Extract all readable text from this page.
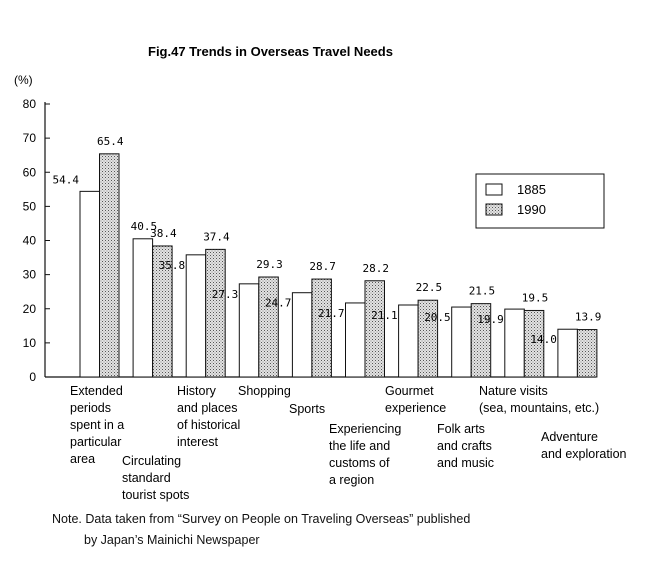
Fig.47 Trends in Overseas Travel Needs
(%)
0
10
20
30
40
50
60
70
80
54.4
65.4
40.5
38.4
35.8
37.4
27.3
29.3
24.7
28.7
21.7
28.2
21.1
22.5
20.5
21.5
19.9
19.5
14.0
13.9
Extended
periods
spent in a
particular
area Circulating
standard
tourist spots
History
and places
of historical
interest
Shopping
Sports
Experiencing
the life and
customs of
a region
Gourmet
experience
Folk arts
and crafts
and music
Nature visits
(sea, mountains, etc.)
Adventure
and exploration
1885
1990
Note. Data taken from “Survey on People on Traveling Overseas” published
by Japan’s Mainichi Newspaper
